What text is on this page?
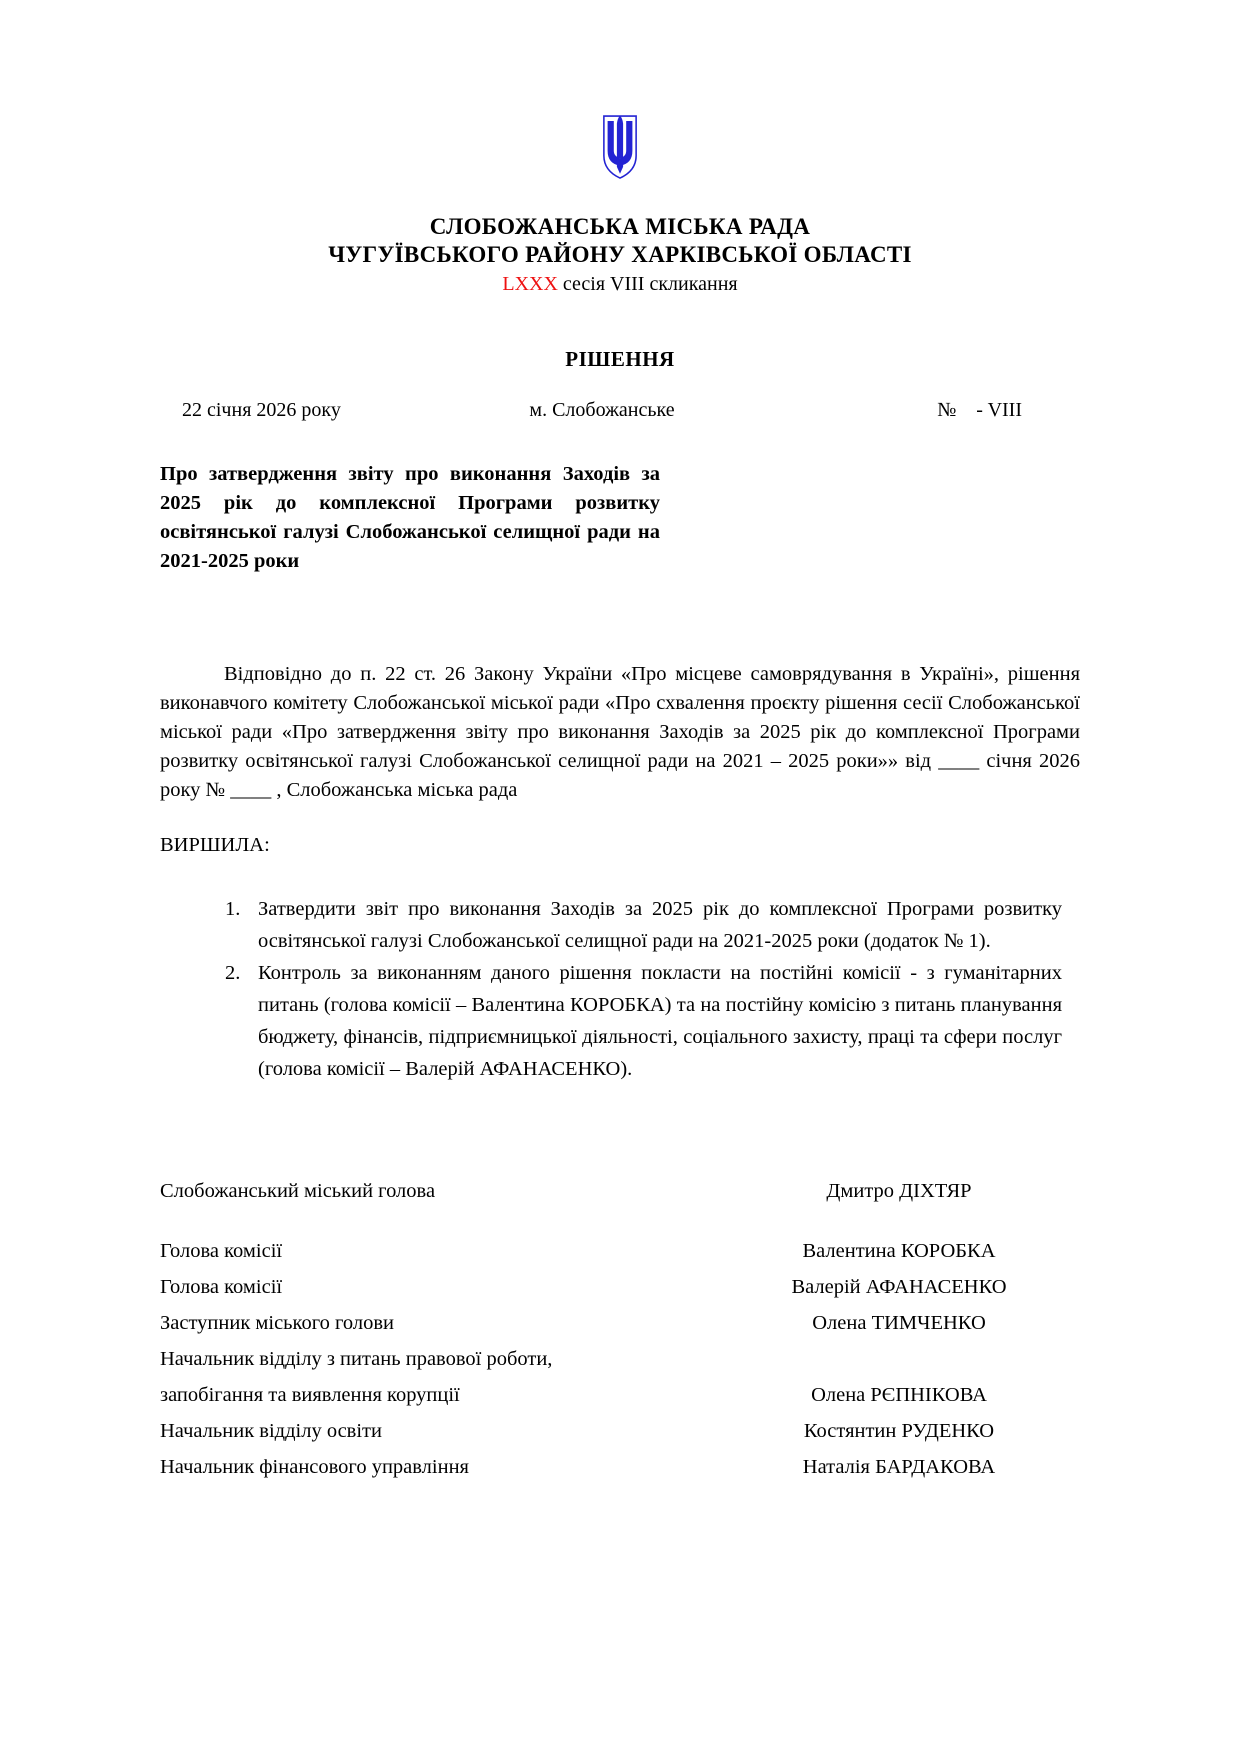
СЛОБОЖАНСЬКА МІСЬКА РАДА
ЧУГУЇВСЬКОГО РАЙОНУ ХАРКІВСЬКОЇ ОБЛАСТІ
LXXX сесія VIII скликання
РІШЕННЯ
22 січня 2026 року	м. Слобожанське	№    - VIII
Про затвердження звіту про виконання Заходів за 2025 рік до комплексної Програми розвитку освітянської галузі Слобожанської селищної ради на 2021-2025 роки
Відповідно до п. 22 ст. 26 Закону України «Про місцеве самоврядування в Україні», рішення виконавчого комітету Слобожанської міської ради «Про схвалення проєкту рішення сесії Слобожанської міської ради «Про затвердження звіту про виконання Заходів за 2025 рік до комплексної Програми розвитку освітянської галузі Слобожанської селищної ради на 2021 – 2025 роки»» від ____ січня 2026 року № ____ , Слобожанська міська рада
ВИРШИЛА:
1. Затвердити звіт про виконання Заходів за 2025 рік до комплексної Програми розвитку освітянської галузі Слобожанської селищної ради на 2021-2025 роки (додаток № 1).
2. Контроль за виконанням даного рішення покласти на постійні комісії - з гуманітарних питань (голова комісії – Валентина КОРОБКА) та на постійну комісію з питань планування бюджету, фінансів, підприємницької діяльності, соціального захисту, праці та сфери послуг (голова комісії – Валерій АФАНАСЕНКО).
Слобожанський міський голова	Дмитро ДІХТЯР
Голова комісії	Валентина КОРОБКА
Голова комісії	Валерій АФАНАСЕНКО
Заступник міського голови	Олена ТИМЧЕНКО
Начальник відділу з питань правової роботи,
запобігання та виявлення корупції	Олена РЄПНІКОВА
Начальник відділу освіти	Костянтин РУДЕНКО
Начальник фінансового управління	Наталія БАРДАКОВА
